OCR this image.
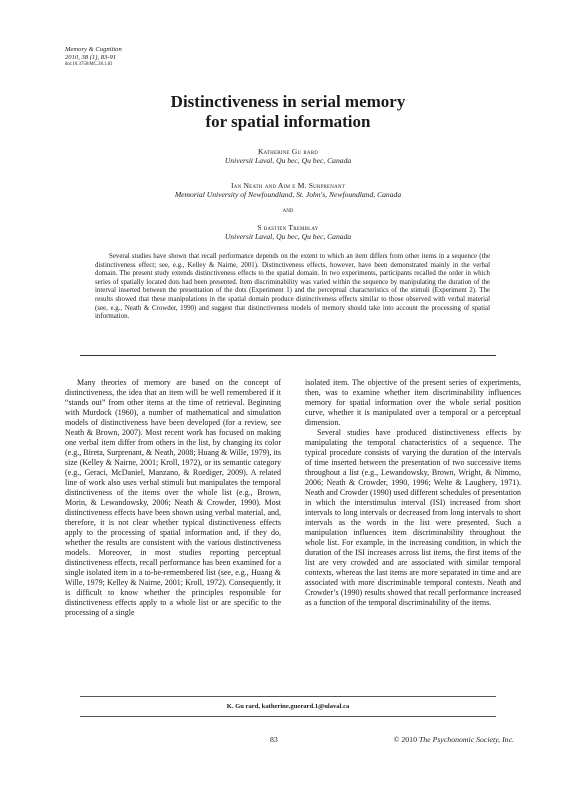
Memory & Cognition
2010, 38 (1), 83-91
doi:10.3758/MC.38.1.83
Distinctiveness in serial memory
for spatial information
Katherine Gu rard
Universit Laval, Qu bec, Qu bec, Canada
Ian Neath and Aim e M. Surprenant
Memorial University of Newfoundland, St. John's, Newfoundland, Canada
and
S bastien Tremblay
Universit Laval, Qu bec, Qu bec, Canada
Several studies have shown that recall performance depends on the extent to which an item differs from other items in a sequence (the distinctiveness effect; see, e.g., Kelley & Nairne, 2001). Distinctiveness effects, however, have been demonstrated mainly in the verbal domain. The present study extends distinctiveness effects to the spatial domain. In two experiments, participants recalled the order in which series of spatially located dots had been presented. Item discriminability was varied within the sequence by manipulating the duration of the interval inserted between the presentation of the dots (Experiment 1) and the perceptual characteristics of the stimuli (Experiment 2). The results showed that these manipulations in the spatial domain produce distinctiveness effects similar to those observed with verbal material (see, e.g., Neath & Crowder, 1990) and suggest that distinctiveness models of memory should take into account the processing of spatial information.

Many theories of memory are based on the concept of distinctiveness, the idea that an item will be well remembered if it “stands out” from other items at the time of retrieval. Beginning with Murdock (1960), a number of mathematical and simulation models of distinctiveness have been developed (for a review, see Neath & Brown, 2007). Most recent work has focused on making one verbal item differ from others in the list, by changing its color (e.g., Bireta, Surprenant, & Neath, 2008; Huang & Wille, 1979), its size (Kelley & Nairne, 2001; Kroll, 1972), or its semantic category (e.g., Geraci, McDaniel, Manzano, & Roediger, 2009). A related line of work also uses verbal stimuli but manipulates the temporal distinctiveness of the items over the whole list (e.g., Brown, Morin, & Lewandowsky, 2006; Neath & Crowder, 1990). Most distinctiveness effects have been shown using verbal material, and, therefore, it is not clear whether typical distinctiveness effects apply to the processing of spatial information and, if they do, whether the results are consistent with the various distinctiveness models. Moreover, in most studies reporting perceptual distinctiveness effects, recall performance has been examined for a single isolated item in a to-be-remembered list (see, e.g., Huang & Wille, 1979; Kelley & Nairne, 2001; Kroll, 1972). Consequently, it is difficult to know whether the principles responsible for distinctiveness effects apply to a whole list or are specific to the processing of a single

isolated item. The objective of the present series of experiments, then, was to examine whether item discriminability influences memory for spatial information over the whole serial position curve, whether it is manipulated over a temporal or a perceptual dimension.

Several studies have produced distinctiveness effects by manipulating the temporal characteristics of a sequence. The typical procedure consists of varying the duration of the intervals of time inserted between the presentation of two successive items throughout a list (e.g., Lewandowsky, Brown, Wright, & Nimmo, 2006; Neath & Crowder, 1990, 1996; Welte & Laughery, 1971). Neath and Crowder (1990) used different schedules of presentation in which the interstimulus interval (ISI) increased from short intervals to long intervals or decreased from long intervals to short intervals as the words in the list were presented. Such a manipulation influences item discriminability throughout the whole list. For example, in the increasing condition, in which the duration of the ISI increases across list items, the first items of the list are very crowded and are associated with similar temporal contexts, whereas the last items are more separated in time and are associated with more discriminable temporal contexts. Neath and Crowder’s (1990) results showed that recall performance increased as a function of the temporal discriminability of the items.

K. Gu rard, katherine.guerard.1@ulaval.ca
83	© 2010 The Psychonomic Society, Inc.
